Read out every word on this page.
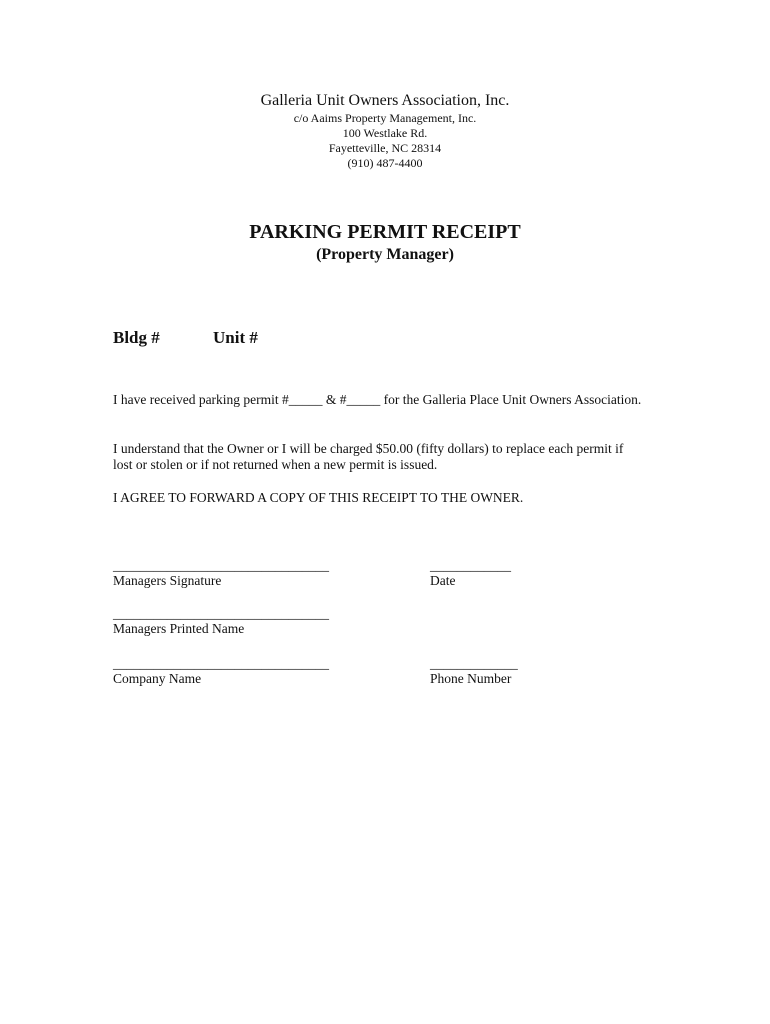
Galleria Unit Owners Association, Inc.
c/o Aaims Property Management, Inc.
100 Westlake Rd.
Fayetteville, NC 28314
(910) 487-4400
PARKING PERMIT RECEIPT
(Property Manager)
Bldg #	Unit #
I have received parking permit #_____ & #_____ for the Galleria Place Unit Owners Association.
I understand that the Owner or I will be charged $50.00 (fifty dollars) to replace each permit if
lost or stolen or if not returned when a new permit is issued.
I AGREE TO FORWARD A COPY OF THIS RECEIPT TO THE OWNER.
________________________________	____________
Managers Signature	Date
________________________________
Managers Printed Name
________________________________	_____________
Company Name	Phone Number
